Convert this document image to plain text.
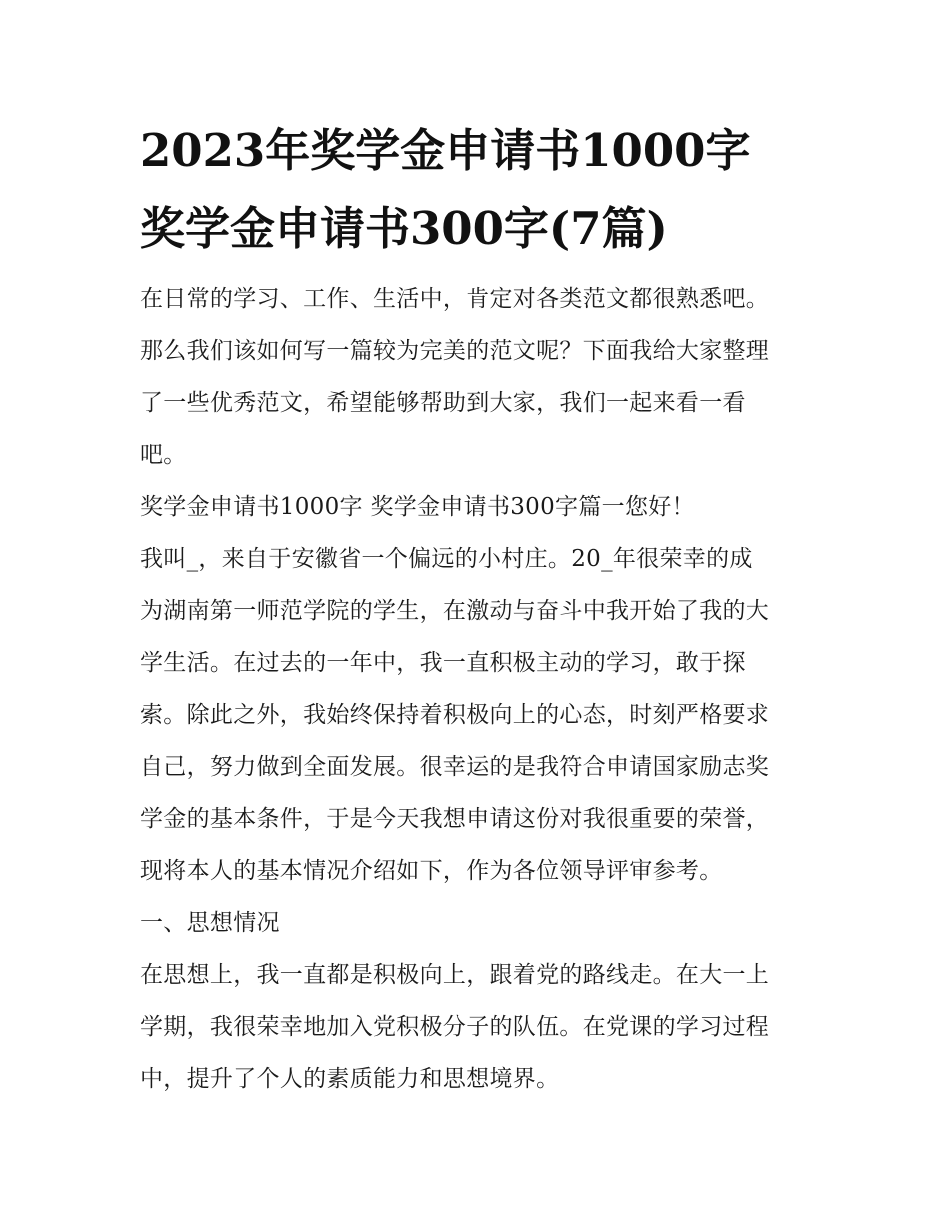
2023年奖学金申请书1000字
奖学金申请书300字(7篇)
在日常的学习、工作、生活中，肯定对各类范文都很熟悉吧。
那么我们该如何写一篇较为完美的范文呢？下面我给大家整理
了一些优秀范文，希望能够帮助到大家，我们一起来看一看
吧。
奖学金申请书1000字 奖学金申请书300字篇一您好！
我叫_，来自于安徽省一个偏远的小村庄。20_年很荣幸的成
为湖南第一师范学院的学生，在激动与奋斗中我开始了我的大
学生活。在过去的一年中，我一直积极主动的学习，敢于探
索。除此之外，我始终保持着积极向上的心态，时刻严格要求
自己，努力做到全面发展。很幸运的是我符合申请国家励志奖
学金的基本条件，于是今天我想申请这份对我很重要的荣誉，
现将本人的基本情况介绍如下，作为各位领导评审参考。
一、思想情况
在思想上，我一直都是积极向上，跟着党的路线走。在大一上
学期，我很荣幸地加入党积极分子的队伍。在党课的学习过程
中，提升了个人的素质能力和思想境界。
